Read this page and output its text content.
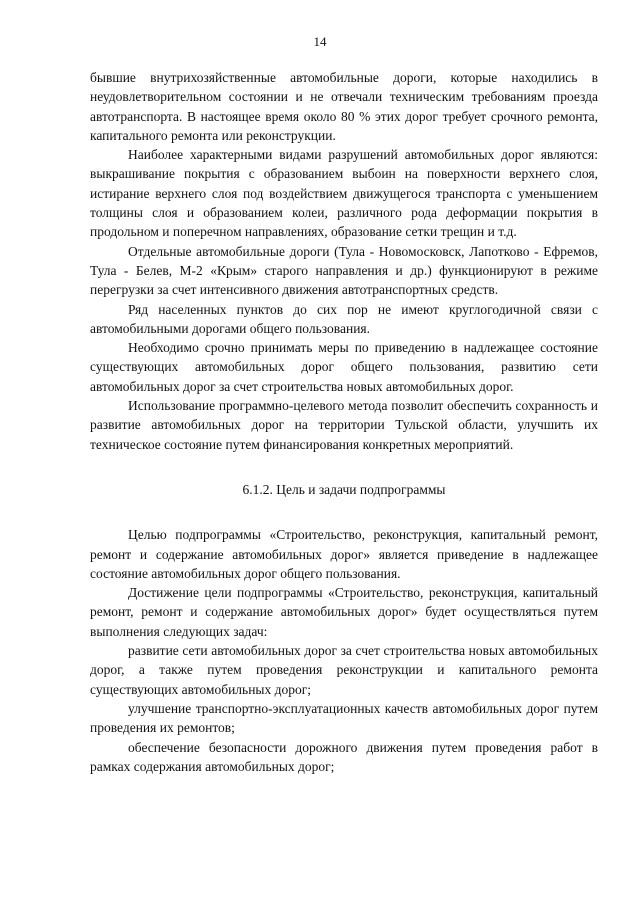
14

бывшие внутрихозяйственные автомобильные дороги, которые находились в неудовлетворительном состоянии и не отвечали техническим требованиям проезда автотранспорта. В настоящее время около 80 % этих дорог требует срочного ремонта, капитального ремонта или реконструкции.

Наиболее характерными видами разрушений автомобильных дорог являются: выкрашивание покрытия с образованием выбоин на поверхности верхнего слоя, истирание верхнего слоя под воздействием движущегося транспорта с уменьшением толщины слоя и образованием колеи, различного рода деформации покрытия в продольном и поперечном направлениях, образование сетки трещин и т.д.

Отдельные автомобильные дороги (Тула - Новомосковск, Лапотково - Ефремов, Тула - Белев, М-2 «Крым» старого направления и др.) функционируют в режиме перегрузки за счет интенсивного движения автотранспортных средств.

Ряд населенных пунктов до сих пор не имеют круглогодичной связи с автомобильными дорогами общего пользования.

Необходимо срочно принимать меры по приведению в надлежащее состояние существующих автомобильных дорог общего пользования, развитию сети автомобильных дорог за счет строительства новых автомобильных дорог.

Использование программно-целевого метода позволит обеспечить сохранность и развитие автомобильных дорог на территории Тульской области, улучшить их техническое состояние путем финансирования конкретных мероприятий.

6.1.2. Цель и задачи подпрограммы

Целью подпрограммы «Строительство, реконструкция, капитальный ремонт, ремонт и содержание автомобильных дорог» является приведение в надлежащее состояние автомобильных дорог общего пользования.

Достижение цели подпрограммы «Строительство, реконструкция, капитальный ремонт, ремонт и содержание автомобильных дорог» будет осуществляться путем выполнения следующих задач:

развитие сети автомобильных дорог за счет строительства новых автомобильных дорог, а также путем проведения реконструкции и капитального ремонта существующих автомобильных дорог;

улучшение транспортно-эксплуатационных качеств автомобильных дорог путем проведения их ремонтов;

обеспечение безопасности дорожного движения путем проведения работ в рамках содержания автомобильных дорог;
